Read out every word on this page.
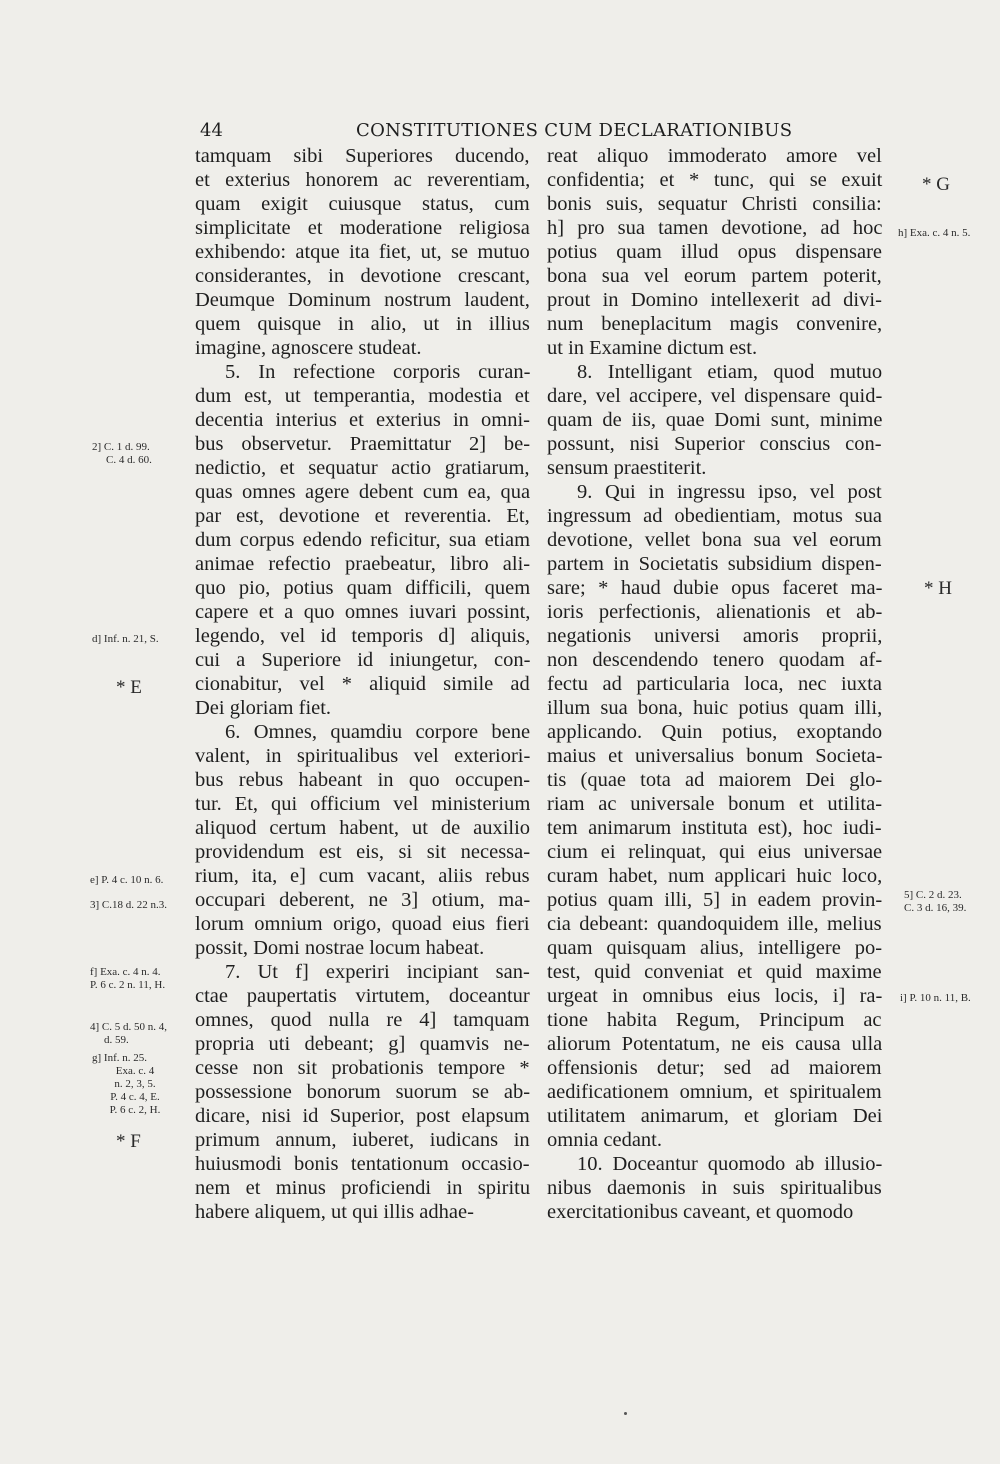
44	CONSTITUTIONES CUM DECLARATIONIBUS
tamquam sibi Superiores ducendo,
et exterius honorem ac reverentiam,
quam exigit cuiusque status, cum
simplicitate et moderatione religiosa
exhibendo: atque ita fiet, ut, se mutuo
considerantes, in devotione crescant,
Deumque Dominum nostrum laudent,
quem quisque in alio, ut in illius
imagine, agnoscere studeat.
5. In refectione corporis curan-
dum est, ut temperantia, modestia et
decentia interius et exterius in omni-
bus observetur. Praemittatur 2] be-
nedictio, et sequatur actio gratiarum,
quas omnes agere debent cum ea, qua
par est, devotione et reverentia. Et,
dum corpus edendo reficitur, sua etiam
animae refectio praebeatur, libro ali-
quo pio, potius quam difficili, quem
capere et a quo omnes iuvari possint,
legendo, vel id temporis d] aliquis,
cui a Superiore id iniungetur, con-
cionabitur, vel * aliquid simile ad
Dei gloriam fiet.
6. Omnes, quamdiu corpore bene
valent, in spiritualibus vel exteriori-
bus rebus habeant in quo occupen-
tur. Et, qui officium vel ministerium
aliquod certum habent, ut de auxilio
providendum est eis, si sit necessa-
rium, ita, e] cum vacant, aliis rebus
occupari deberent, ne 3] otium, ma-
lorum omnium origo, quoad eius fieri
possit, Domi nostrae locum habeat.
7. Ut f] experiri incipiant san-
ctae paupertatis virtutem, doceantur
omnes, quod nulla re 4] tamquam
propria uti debeant; g] quamvis ne-
cesse non sit probationis tempore *
possessione bonorum suorum se ab-
dicare, nisi id Superior, post elapsum
primum annum, iuberet, iudicans in
huiusmodi bonis tentationum occasio-
nem et minus proficiendi in spiritu
habere aliquem, ut qui illis adhae-
reat aliquo immoderato amore vel
confidentia; et * tunc, qui se exuit
bonis suis, sequatur Christi consilia:
h] pro sua tamen devotione, ad hoc
potius quam illud opus dispensare
bona sua vel eorum partem poterit,
prout in Domino intellexerit ad divi-
num beneplacitum magis convenire,
ut in Examine dictum est.
8. Intelligant etiam, quod mutuo
dare, vel accipere, vel dispensare quid-
quam de iis, quae Domi sunt, minime
possunt, nisi Superior conscius con-
sensum praestiterit.
9. Qui in ingressu ipso, vel post
ingressum ad obedientiam, motus sua
devotione, vellet bona sua vel eorum
partem in Societatis subsidium dispen-
sare; * haud dubie opus faceret ma-
ioris perfectionis, alienationis et ab-
negationis universi amoris proprii,
non descendendo tenero quodam af-
fectu ad particularia loca, nec iuxta
illum sua bona, huic potius quam illi,
applicando. Quin potius, exoptando
maius et universalius bonum Societa-
tis (quae tota ad maiorem Dei glo-
riam ac universale bonum et utilita-
tem animarum instituta est), hoc iudi-
cium ei relinquat, qui eius universae
curam habet, num applicari huic loco,
potius quam illi, 5] in eadem provin-
cia debeant: quandoquidem ille, melius
quam quisquam alius, intelligere po-
test, quid conveniat et quid maxime
urgeat in omnibus eius locis, i] ra-
tione habita Regum, Principum ac
aliorum Potentatum, ne eis causa ulla
offensionis detur; sed ad maiorem
aedificationem omnium, et spiritualem
utilitatem animarum, et gloriam Dei
omnia cedant.
10. Doceantur quomodo ab illusio-
nibus daemonis in suis spiritualibus
exercitationibus caveant, et quomodo
2] C. 1 d. 99.
C. 4 d. 60.
d] Inf. n. 21, S.
* E
e] P. 4 c. 10 n. 6.
3] C.18 d. 22 n.3.
f] Exa. c. 4 n. 4.
P. 6 c. 2 n. 11, H.
4] C. 5 d. 50 n. 4,
d. 59.
g] Inf. n. 25.
Exa. c. 4
n. 2, 3, 5.
P. 4 c. 4, E.
P. 6 c. 2, H.
* F
* G
h] Exa. c. 4 n. 5.
* H
5] C. 2 d. 23.
C. 3 d. 16, 39.
i] P. 10 n. 11, B.
